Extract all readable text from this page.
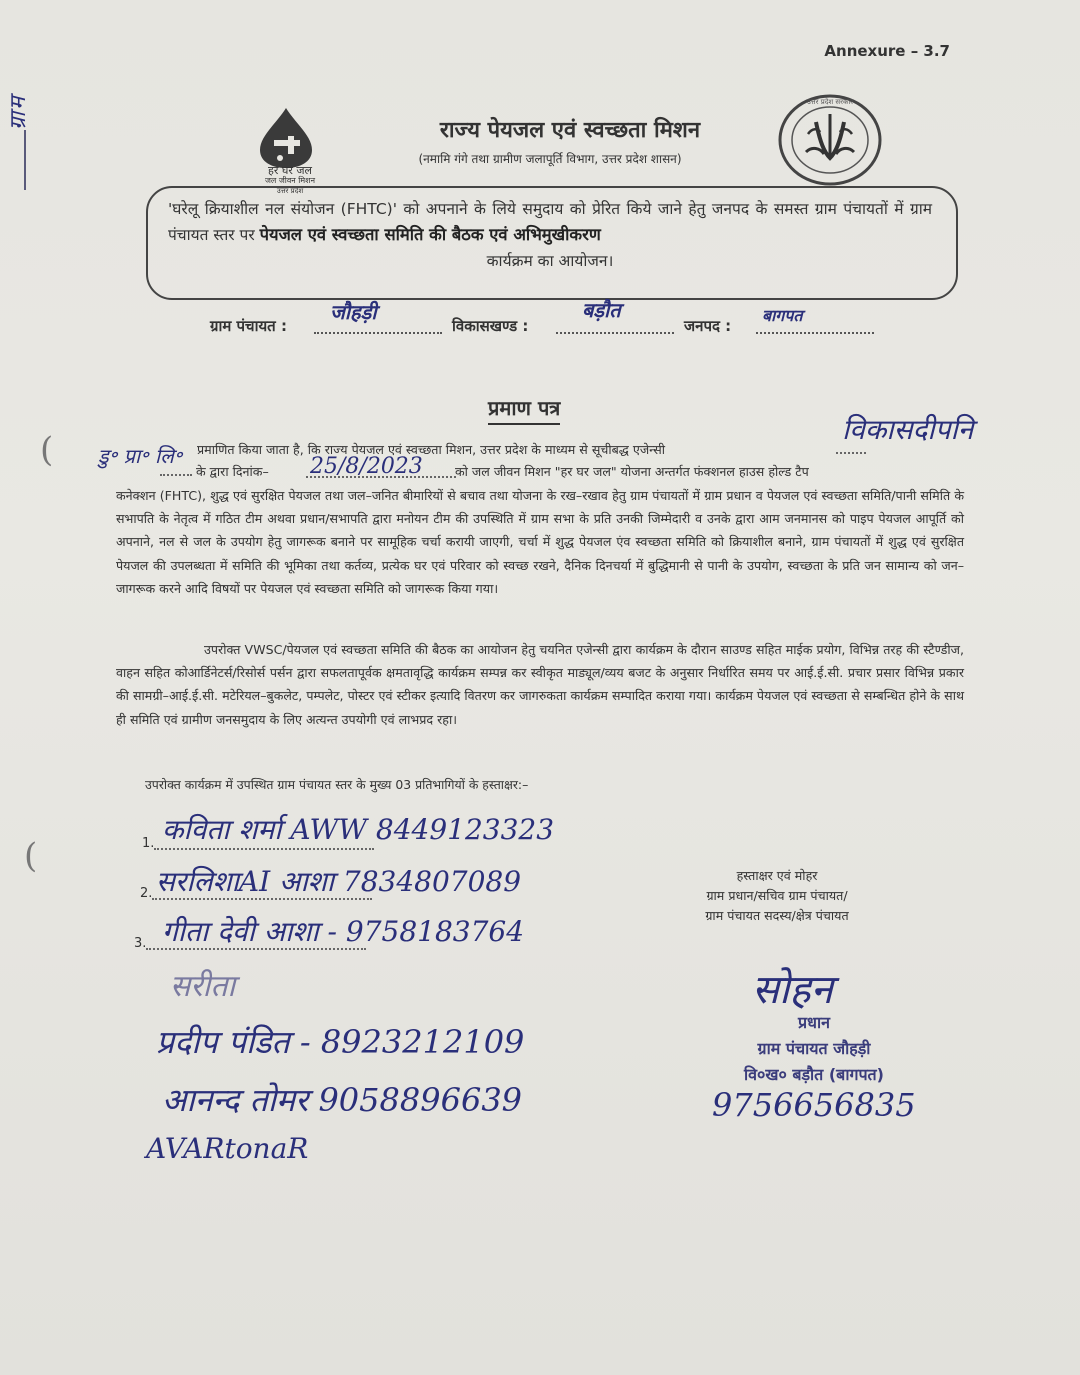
ग्राम
(
(
Annexure – 3.7
हर घर जल
जल जीवन मिशन
उत्तर प्रदेश
उत्तर प्रदेश सरकार
राज्य पेयजल एवं स्वच्छता मिशन
(नमामि गंगे तथा ग्रामीण जलापूर्ति विभाग, उत्तर प्रदेश शासन)
'घरेलू क्रियाशील नल संयोजन (FHTC)' को अपनाने के लिये समुदाय को प्रेरित किये जाने हेतु जनपद के समस्त ग्राम पंचायतों में ग्राम पंचायत स्तर पर पेयजल एवं स्वच्छता समिति की बैठक एवं अभिमुखीकरण
कार्यक्रम का आयोजन।
ग्राम पंचायत :
जौहड़ी
विकासखण्ड :
बड़ौत
जनपद :
बागपत
प्रमाण पत्र
डु॰ प्रा॰ लि॰ प्रमाणित किया जाता है, कि राज्य पेयजल एवं स्वच्छता मिशन, उत्तर प्रदेश के माध्यम से सूचीबद्ध एजेन्सी
विकासदीपनि
के द्वारा दिनांक–	25/8/2023	को जल जीवन मिशन "हर घर जल" योजना अन्तर्गत फंक्शनल हाउस होल्ड टैप
कनेक्शन (FHTC), शुद्ध एवं सुरक्षित पेयजल तथा जल–जनित बीमारियों से बचाव तथा योजना के रख–रखाव हेतु ग्राम पंचायतों में ग्राम प्रधान व पेयजल एवं स्वच्छता समिति/पानी समिति के सभापति के नेतृत्व में गठित टीम अथवा प्रधान/सभापति द्वारा मनोयन टीम की उपस्थिति में ग्राम सभा के प्रति उनकी जिम्मेदारी व उनके द्वारा आम जनमानस को पाइप पेयजल आपूर्ति को अपनाने, नल से जल के उपयोग हेतु जागरूक बनाने पर सामूहिक चर्चा करायी जाएगी, चर्चा में शुद्ध पेयजल एंव स्वच्छता समिति को क्रियाशील बनाने, ग्राम पंचायतों में शुद्ध एवं सुरक्षित पेयजल की उपलब्धता में समिति की भूमिका तथा कर्तव्य, प्रत्येक घर एवं परिवार को स्वच्छ रखने, दैनिक दिनचर्या में बुद्धिमानी से पानी के उपयोग, स्वच्छता के प्रति जन सामान्य को जन–जागरूक करने आदि विषयों पर पेयजल एवं स्वच्छता समिति को जागरूक किया गया।
उपरोक्त VWSC/पेयजल एवं स्वच्छता समिति की बैठक का आयोजन हेतु चयनित एजेन्सी द्वारा कार्यक्रम के दौरान साउण्ड सहित माईक प्रयोग, विभिन्न तरह की स्टैण्डीज, वाहन सहित कोआर्डिनेटर्स/रिसोर्स पर्सन द्वारा सफलतापूर्वक क्षमतावृद्धि कार्यक्रम सम्पन्न कर स्वीकृत माड्यूल/व्यय बजट के अनुसार निर्धारित समय पर आई.ई.सी. प्रचार प्रसार विभिन्न प्रकार की सामग्री–आई.ई.सी. मटेरियल–बुकलेट, पम्पलेट, पोस्टर एवं स्टीकर इत्यादि वितरण कर जागरुकता कार्यक्रम सम्पादित कराया गया। कार्यक्रम पेयजल एवं स्वच्छता से सम्बन्धित होने के साथ ही समिति एवं ग्रामीण जनसमुदाय के लिए अत्यन्त उपयोगी एवं लाभप्रद रहा।
उपरोक्त कार्यक्रम में उपस्थित ग्राम पंचायत स्तर के मुख्य 03 प्रतिभागियों के हस्ताक्षर:–
1. कविता शर्मा AWW 8449123323
2. सरलिशाAI आशा 7834807089
3. गीता देवी आशा - 9758183764
सरीता
प्रदीप पंडित - 8923212109
आनन्द तोमर 9058896639
AVARtonaR
हस्ताक्षर एवं मोहर
ग्राम प्रधान/सचिव ग्राम पंचायत/
ग्राम पंचायत सदस्य/क्षेत्र पंचायत
सोहन
प्रधान
ग्राम पंचायत जौहड़ी
वि०ख० बड़ौत (बागपत)
9756656835
